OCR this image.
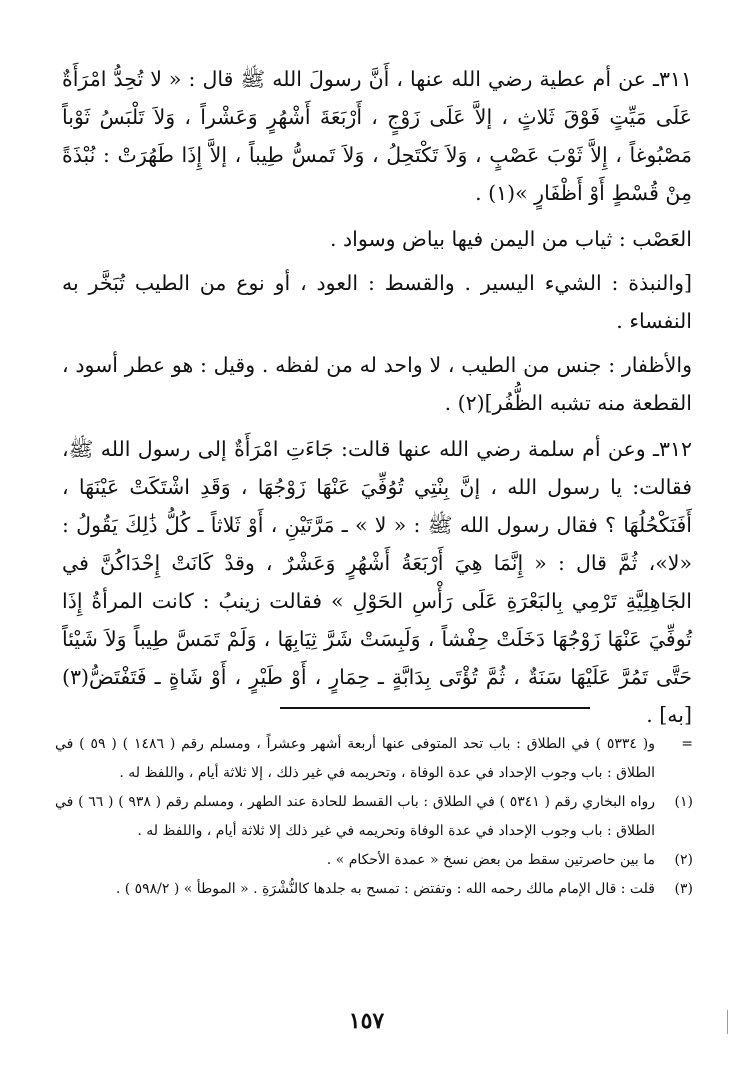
٣١١ـ عن أم عطية رضي الله عنها ، أَنَّ رسولَ الله ﷺ قال : « لا تُحِدُّ امْرَأَةٌ عَلَى مَيِّتٍ فَوْقَ ثَلاثٍ ، إلاَّ عَلَى زَوْجٍ ، أَرْبَعَةَ أَشْهُرٍ وَعَشْراً ، وَلاَ تَلْبَسُ ثَوْباً مَصْبُوغاً ، إِلاَّ ثَوْبَ عَصْبٍ ، وَلاَ تَكْتَحِلُ ، وَلاَ تَمسُّ طِيباً ، إلاَّ إِذَا طَهُرَتْ : نُبْذَةً مِنْ قُسْطٍ أَوْ أَظْفَارٍ »(١) .

العَصْب : ثياب من اليمن فيها بياض وسواد .

[والنبذة : الشيء اليسير . والقسط : العود ، أو نوع من الطيب تُبَخَّر به النفساء .

والأظفار : جنس من الطيب ، لا واحد له من لفظه . وقيل : هو عطر أسود ، القطعة منه تشبه الظُّفُر](٢) .

٣١٢ـ وعن أم سلمة رضي الله عنها قالت: جَاءَتِ امْرَأَةٌ إلى رسول الله ﷺ، فقالت: يا رسول الله ، إنَّ بِنْتِي تُوُفِّيَ عَنْهَا زَوْجُهَا ، وَقَدِ اشْتَكَتْ عَيْنَهَا ، أَفَنَكْحُلُهَا ؟ فقال رسول الله ﷺ : « لا » ـ مَرَّتَيْنِ ، أَوْ ثَلاثاً ـ كُلُّ ذَٰلِكَ يَقُولُ : «لا»، ثُمَّ قال : « إِنَّمَا هِيَ أَرْبَعَةُ أَشْهُرٍ وَعَشْرٌ ، وقدْ كَانَتْ إِحْدَاكُنَّ في الجَاهِلِيَّةِ تَرْمِي بِالبَعْرَةِ عَلَى رَأْسِ الحَوْلِ » فقالت زينبُ : كانت المرأةُ إِذَا تُوفِّيَ عَنْهَا زَوْجُهَا دَخَلَتْ حِفْشاً ، وَلَبِسَتْ شَرَّ ثِيَابِهَا ، وَلَمْ تَمَسَّ طِيباً وَلاَ شَيْئاً حَتَّى تَمُرَّ عَلَيْهَا سَنَةٌ ، ثُمَّ تُؤْتَى بِدَابَّةٍ ـ حِمَارٍ ، أَوْ طَيْرٍ ، أَوْ شَاةٍ ـ فَتَفْتَضُّ(٣) [به] .

=
و( ٥٣٣٤ ) في الطلاق : باب تحد المتوفى عنها أربعة أشهر وعشراً ، ومسلم رقم ( ١٤٨٦ ) ( ٥٩ ) في الطلاق : باب وجوب الإحداد في عدة الوفاة ، وتحريمه في غير ذلك ، إلا ثلاثة أيام ، واللفظ له .
(١)
رواه البخاري رقم ( ٥٣٤١ ) في الطلاق : باب القسط للحادة عند الطهر ، ومسلم رقم ( ٩٣٨ ) ( ٦٦ ) في الطلاق : باب وجوب الإحداد في عدة الوفاة وتحريمه في غير ذلك إلا ثلاثة أيام ، واللفظ له .
(٢)
ما بين حاصرتين سقط من بعض نسخ « عمدة الأحكام » .
(٣)
قلت : قال الإمام مالك رحمه الله : وتفتض : تمسح به جلدها كالنُّشْرَةِ . « الموطأ » ( ٥٩٨/٢ ) .
١٥٧
